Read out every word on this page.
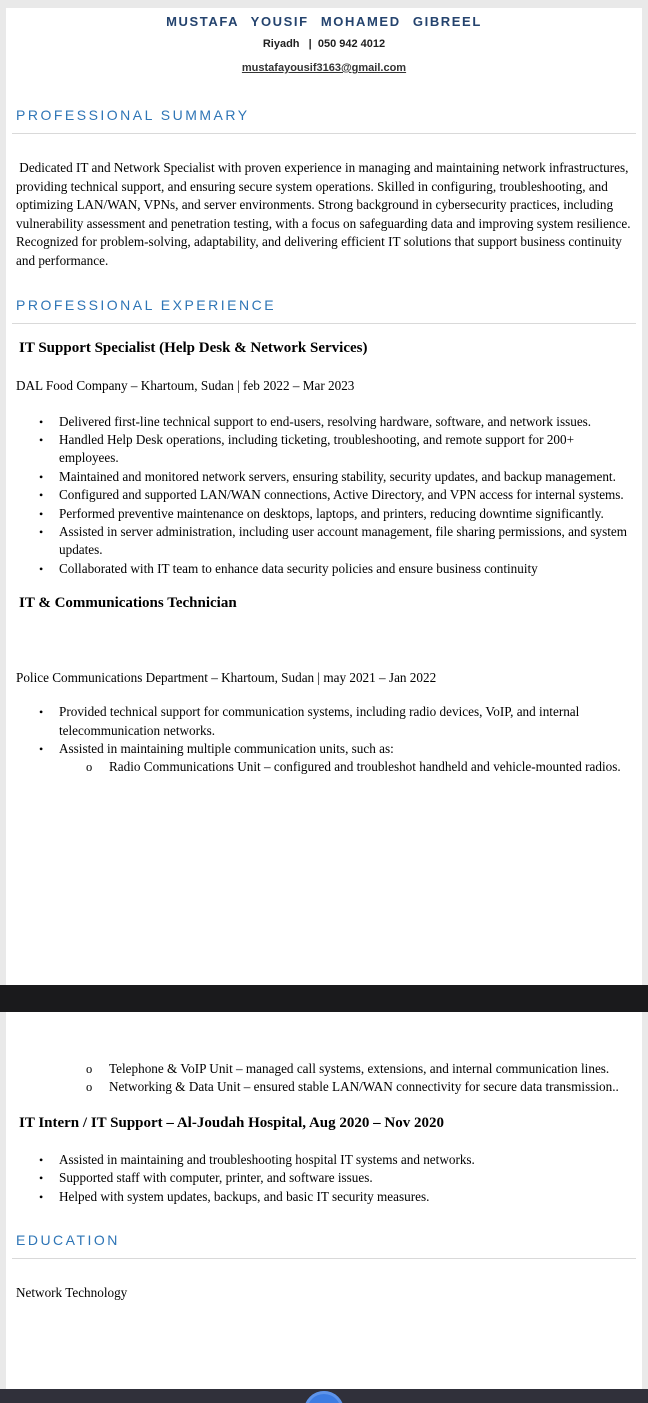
MUSTAFA YOUSIF MOHAMED GIBREEL
Riyadh   |  050 942 4012
mustafayousif3163@gmail.com
PROFESSIONAL SUMMARY

Dedicated IT and Network Specialist with proven experience in managing and maintaining network infrastructures, providing technical support, and ensuring secure system operations. Skilled in configuring, troubleshooting, and optimizing LAN/WAN, VPNs, and server environments. Strong background in cybersecurity practices, including vulnerability assessment and penetration testing, with a focus on safeguarding data and improving system resilience. Recognized for problem-solving, adaptability, and delivering efficient IT solutions that support business continuity and performance.

PROFESSIONAL EXPERIENCE
IT Support Specialist (Help Desk & Network Services)
DAL Food Company – Khartoum, Sudan | feb 2022 – Mar 2023
•	Delivered first-line technical support to end-users, resolving hardware, software, and network issues.
•	Handled Help Desk operations, including ticketing, troubleshooting, and remote support for 200+ employees.
•	Maintained and monitored network servers, ensuring stability, security updates, and backup management.
•	Configured and supported LAN/WAN connections, Active Directory, and VPN access for internal systems.
•	Performed preventive maintenance on desktops, laptops, and printers, reducing downtime significantly.
•	Assisted in server administration, including user account management, file sharing permissions, and system updates.
•	Collaborated with IT team to enhance data security policies and ensure business continuity
IT & Communications Technician
Police Communications Department – Khartoum, Sudan | may 2021 – Jan 2022
•	Provided technical support for communication systems, including radio devices, VoIP, and internal telecommunication networks.
•	Assisted in maintaining multiple communication units, such as:
o	Radio Communications Unit – configured and troubleshot handheld and vehicle-mounted radios.
o	Telephone & VoIP Unit – managed call systems, extensions, and internal communication lines.
o	Networking & Data Unit – ensured stable LAN/WAN connectivity for secure data transmission..
IT Intern / IT Support – Al-Joudah Hospital, Aug 2020 – Nov 2020
•	Assisted in maintaining and troubleshooting hospital IT systems and networks.
•	Supported staff with computer, printer, and software issues.
•	Helped with system updates, backups, and basic IT security measures.
EDUCATION
Network Technology
